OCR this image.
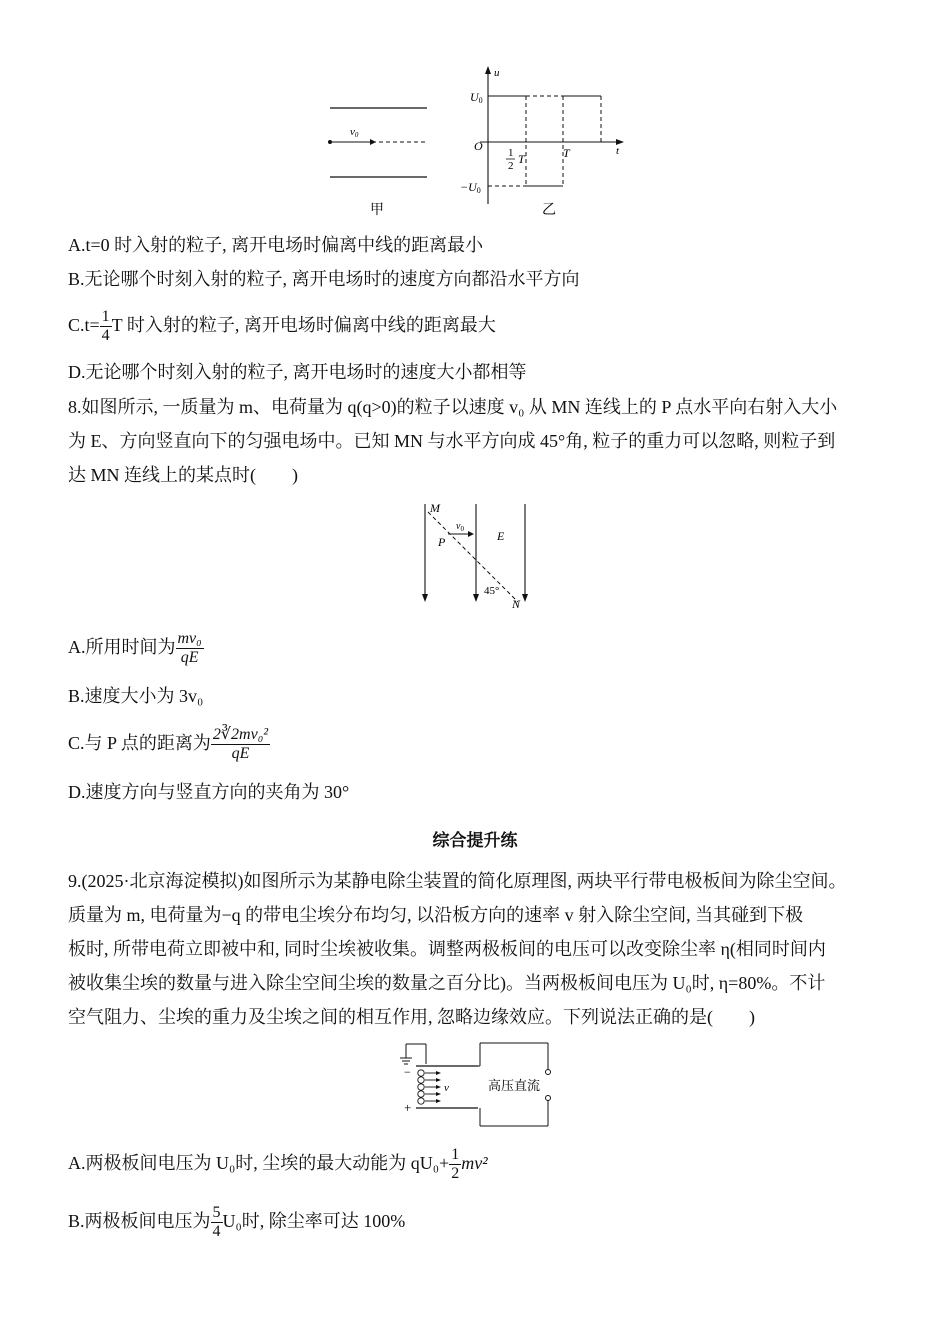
v0
甲
u
t
O
U0
−U0
1
2 T	T
乙
A.t=0 时入射的粒子, 离开电场时偏离中线的距离最小
B.无论哪个时刻入射的粒子, 离开电场时的速度方向都沿水平方向
$C.t= \frac{1}{4}$ T 时入射的粒子, 离开电场时偏离中线的距离最大
D.无论哪个时刻入射的粒子, 离开电场时的速度大小都相等
8.如图所示, 一质量为 m、电荷量为 q(q>0)的粒子以速度 v₀ 从 MN 连线上的 P 点水平向右射入大小
为 E、方向竖直向下的匀强电场中。已知 MN 与水平方向成 45°角, 粒子的重力可以忽略, 则粒子到
达 MN 连线上的某点时(　　)
M
P
$v_0$	E
45°
N
A.所用时间为 $\frac{\text{mv₀}}{qE}$
B.速度大小为 3v₀
C.与 P 点的距离为 $\frac{\text{2∛2mv₀²}}{qE}$
D.速度方向与竖直方向的夹角为 30°
综合提升练
9.(2025·北京海淀模拟)如图所示为某静电除尘装置的简化原理图, 两块平行带电极板间为除尘空间。
质量为 m, 电荷量为−q 的带电尘埃分布均匀, 以沿板方向的速率 v 射入除尘空间, 当其碰到下极
板时, 所带电荷立即被中和, 同时尘埃被收集。调整两极板间的电压可以改变除尘率 η(相同时间内
被收集尘埃的数量与进入除尘空间尘埃的数量之百分比)。当两极板间电压为 U₀时, η=80%。不计
空气阻力、尘埃的重力及尘埃之间的相互作用, 忽略边缘效应。下列说法正确的是(　　)
−
+
v	高压直流
A.两极板间电压为 U₀时, 尘埃的最大动能为 $qU_0+ \frac{1}{2} mv^2$
B.两极板间电压为 $\frac{5}{4} U_0$时, 除尘率可达 100%
